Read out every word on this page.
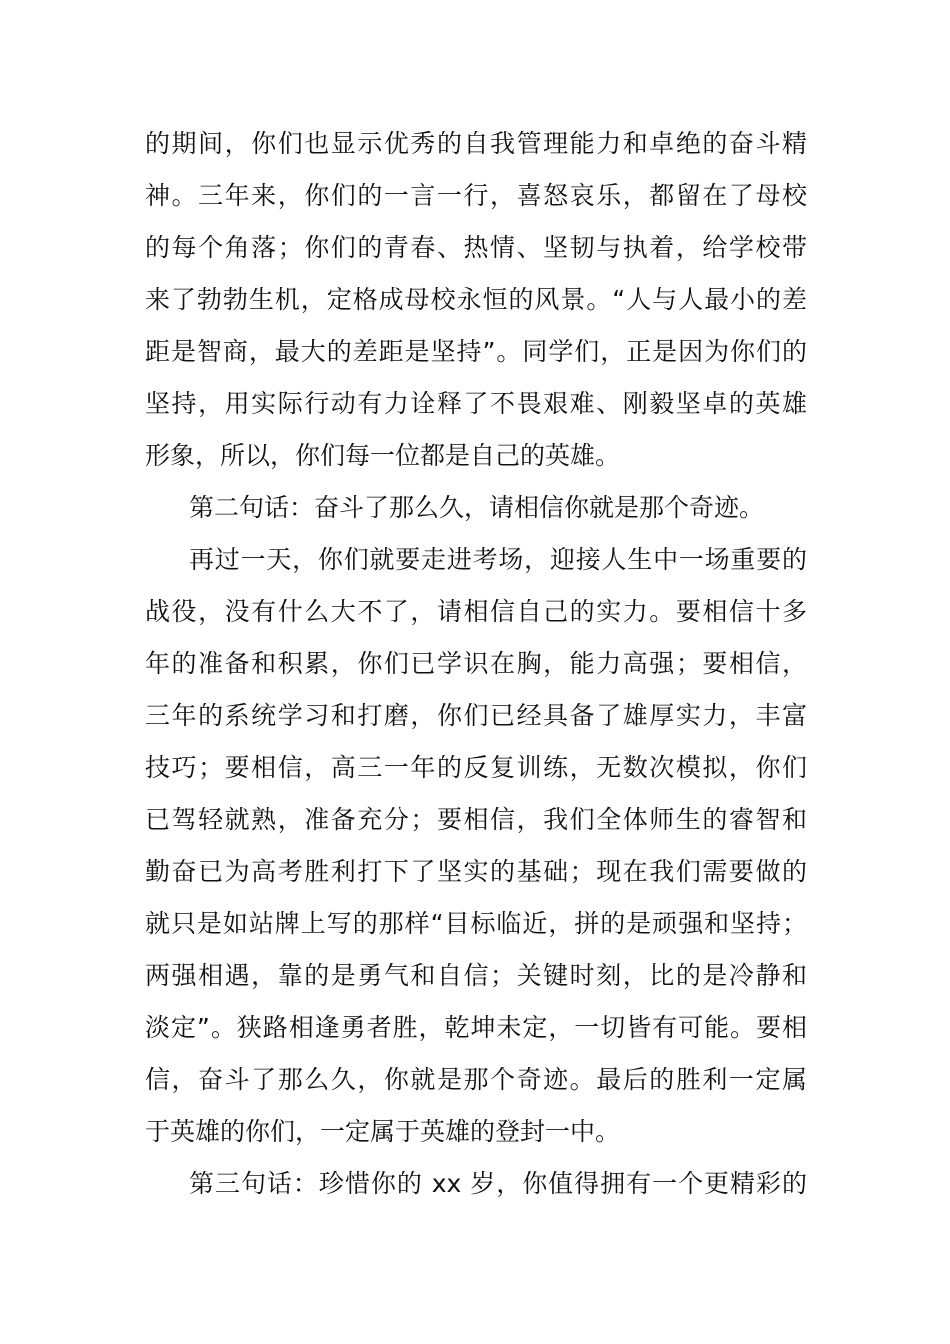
的期间，你们也显示优秀的自我管理能力和卓绝的奋斗精
神。三年来，你们的一言一行，喜怒哀乐，都留在了母校
的每个角落；你们的青春、热情、坚韧与执着，给学校带
来了勃勃生机，定格成母校永恒的风景。“人与人最小的差
距是智商，最大的差距是坚持”。同学们，正是因为你们的
坚持，用实际行动有力诠释了不畏艰难、刚毅坚卓的英雄
形象，所以，你们每一位都是自己的英雄。
第二句话：奋斗了那么久，请相信你就是那个奇迹。
再过一天，你们就要走进考场，迎接人生中一场重要的
战役，没有什么大不了，请相信自己的实力。要相信十多
年的准备和积累，你们已学识在胸，能力高强；要相信，
三年的系统学习和打磨，你们已经具备了雄厚实力，丰富
技巧；要相信，高三一年的反复训练，无数次模拟，你们
已驾轻就熟，准备充分；要相信，我们全体师生的睿智和
勤奋已为高考胜利打下了坚实的基础；现在我们需要做的
就只是如站牌上写的那样“目标临近，拼的是顽强和坚持；
两强相遇，靠的是勇气和自信；关键时刻，比的是冷静和
淡定”。狭路相逢勇者胜，乾坤未定，一切皆有可能。要相
信，奋斗了那么久，你就是那个奇迹。最后的胜利一定属
于英雄的你们，一定属于英雄的登封一中。
第三句话：珍惜你的 xx 岁，你值得拥有一个更精彩的
